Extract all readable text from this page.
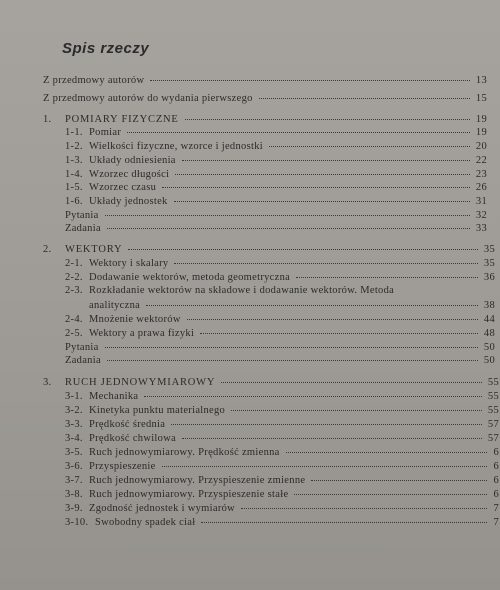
Spis rzeczy
Z przedmowy autorów	13
Z przedmowy autorów do wydania pierwszego	15
1.	POMIARY FIZYCZNE	19
1-1. Pomiar	19
1-2. Wielkości fizyczne, wzorce i jednostki	20
1-3. Układy odniesienia	22
1-4. Wzorzec długości	23
1-5. Wzorzec czasu	26
1-6. Układy jednostek	31
Pytania	32
Zadania	33
2.	WEKTORY	35
2-1. Wektory i skalary	35
2-2. Dodawanie wektorów, metoda geometryczna	36
2-3. Rozkładanie wektorów na składowe i dodawanie wektorów. Metoda
analityczna	38
2-4. Mnożenie wektorów	44
2-5. Wektory a prawa fizyki	48
Pytania	50
Zadania	50
3.	RUCH JEDNOWYMIAROWY	55
3-1. Mechanika	55
3-2. Kinetyka punktu materialnego	55
3-3. Prędkość średnia	57
3-4. Prędkość chwilowa	57
3-5. Ruch jednowymiarowy. Prędkość zmienna	6
3-6. Przyspieszenie	6
3-7. Ruch jednowymiarowy. Przyspieszenie zmienne	6
3-8. Ruch jednowymiarowy. Przyspieszenie stałe	6
3-9. Zgodność jednostek i wymiarów	7
3-10. Swobodny spadek ciał	7
